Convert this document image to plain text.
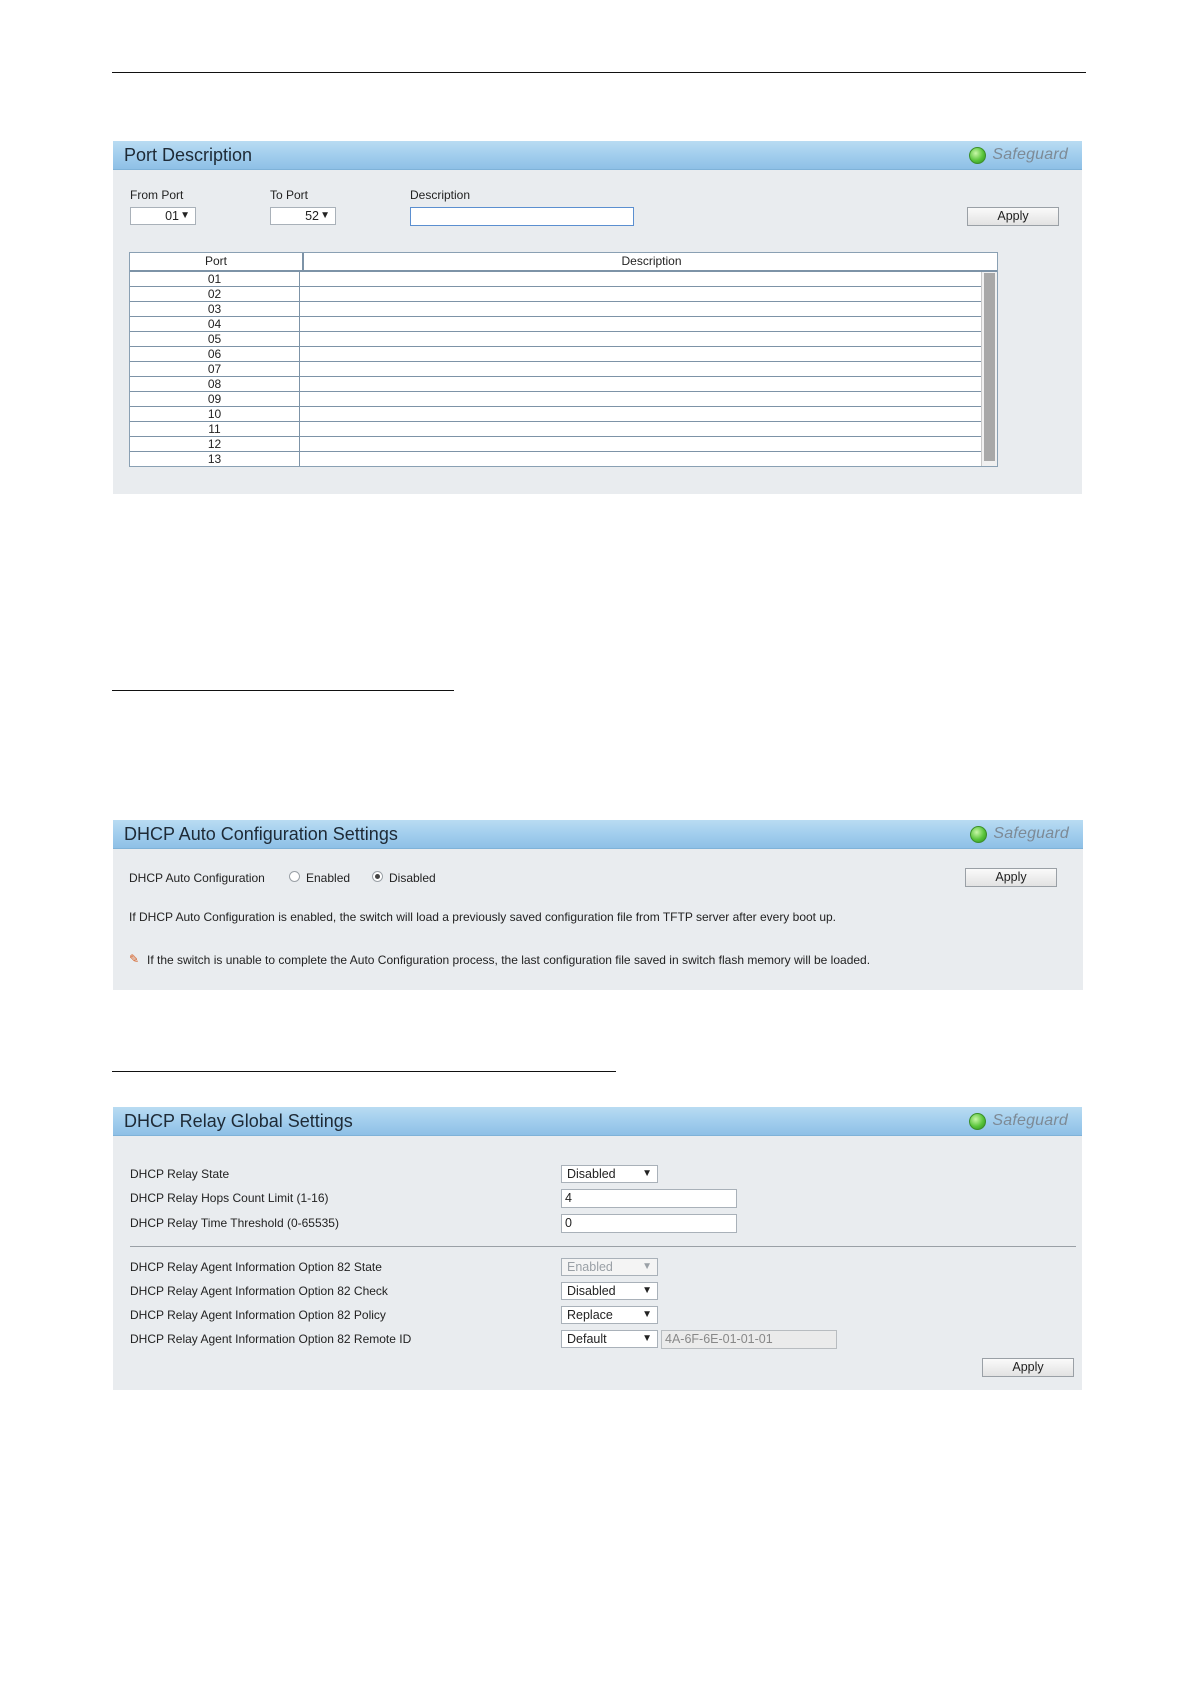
Port Description	Safeguard
From Port
01 ▼
To Port
52 ▼
Description
Apply
Port	Description
01
02
03
04
05
06
07
08
09
10
11
12
13
DHCP Auto Configuration Settings	Safeguard
DHCP Auto Configuration	Enabled	Disabled	Apply
If DHCP Auto Configuration is enabled, the switch will load a previously saved configuration file from TFTP server after every boot up.
✎ If the switch is unable to complete the Auto Configuration process, the last configuration file saved in switch flash memory will be loaded.
DHCP Relay Global Settings	Safeguard
DHCP Relay State	Disabled	▼
DHCP Relay Hops Count Limit (1-16)	4
DHCP Relay Time Threshold (0-65535)	0
DHCP Relay Agent Information Option 82 State	Enabled	▼
DHCP Relay Agent Information Option 82 Check	Disabled	▼
DHCP Relay Agent Information Option 82 Policy	Replace	▼
DHCP Relay Agent Information Option 82 Remote ID	Default	▼	4A-6F-6E-01-01-01
Apply
